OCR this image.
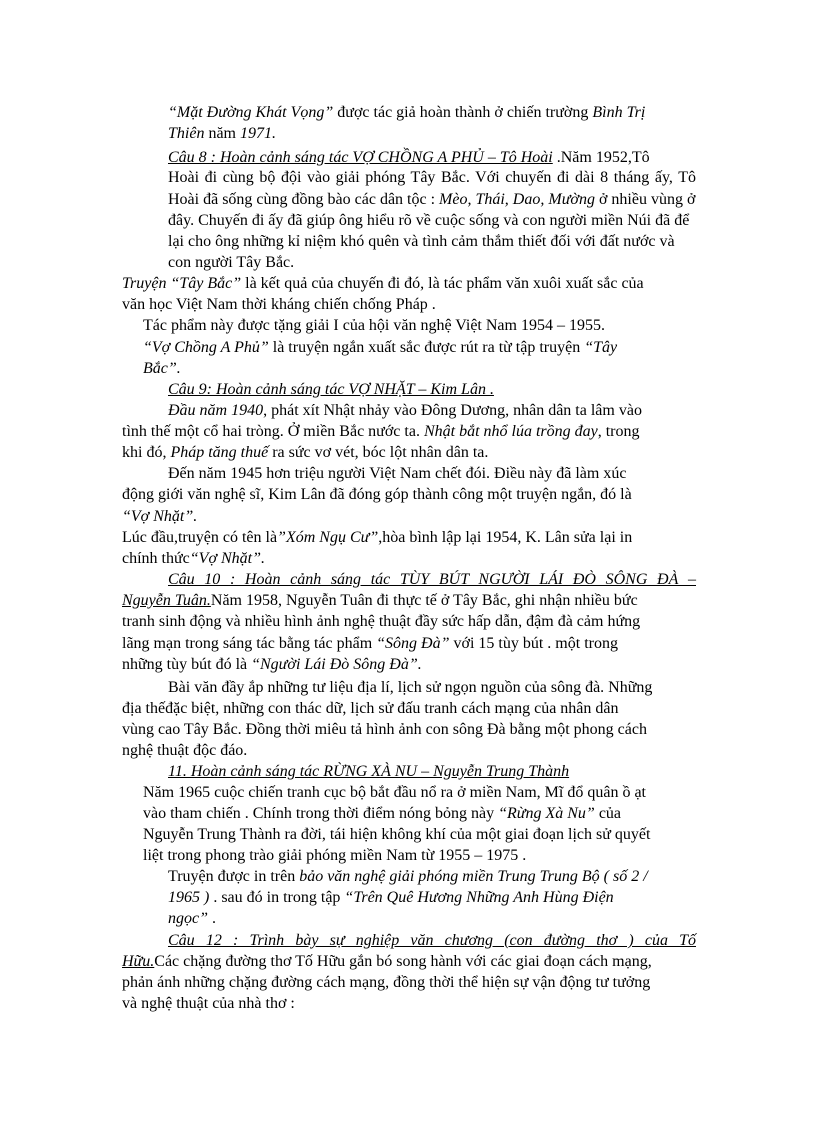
“Mặt Đường Khát Vọng” được tác giả hoàn thành ở chiến trường Bình Trị
Thiên năm 1971.
Câu 8 : Hoàn cảnh sáng tác VỢ CHỒNG A PHỦ – Tô Hoài .Năm 1952,Tô
Hoài đi cùng bộ đội vào giải phóng Tây Bắc. Với chuyến đi dài 8 tháng ấy, Tô
Hoài đã sống cùng đồng bào các dân tộc : Mèo, Thái, Dao, Mường ở nhiều vùng ở
đây. Chuyến đi ấy đã giúp ông hiểu rõ về cuộc sống và con người miền Núi đã để
lại cho ông những kỉ niệm khó quên và tình cảm thắm thiết đối với đất nước và
con người Tây Bắc.
Truyện “Tây Bắc” là kết quả của chuyến đi đó, là tác phẩm văn xuôi xuất sắc của
văn học Việt Nam thời kháng chiến chống Pháp .
Tác phẩm này được tặng giải I của hội văn nghệ Việt Nam 1954 – 1955.
“Vợ Chồng A Phủ” là truyện ngắn xuất sắc được rút ra từ tập truyện “Tây
Bắc”.
Câu 9: Hoàn cảnh sáng tác VỢ NHẶT – Kim Lân .
Đầu năm 1940, phát xít Nhật nhảy vào Đông Dương, nhân dân ta lâm vào
tình thế một cổ hai tròng. Ở miền Bắc nước ta. Nhật bắt nhổ lúa trồng đay, trong
khi đó, Pháp tăng thuế ra sức vơ vét, bóc lột nhân dân ta.
Đến năm 1945 hơn triệu người Việt Nam chết đói. Điều này đã làm xúc
động giới văn nghệ sĩ, Kim Lân đã đóng góp thành công một truyện ngắn, đó là
“Vợ Nhặt”.
Lúc đầu,truyện có tên là”Xóm Ngụ Cư”,hòa bình lập lại 1954, K. Lân sửa lại in
chính thức“Vợ Nhặt”.
Câu 10 : Hoàn cảnh sáng tác TÙY BÚT NGƯỜI LÁI ĐÒ SÔNG ĐÀ –
Nguyễn Tuân.Năm 1958, Nguyễn Tuân đi thực tế ở Tây Bắc, ghi nhận nhiều bức
tranh sinh động và nhiều hình ảnh nghệ thuật đầy sức hấp dẫn, đậm đà cảm hứng
lãng mạn trong sáng tác bằng tác phẩm “Sông Đà” với 15 tùy bút . một trong
những tùy bút đó là “Người Lái Đò Sông Đà”.
Bài văn đầy ắp những tư liệu địa lí, lịch sử ngọn nguồn của sông đà. Những
địa thếđặc biệt, những con thác dữ, lịch sử đấu tranh cách mạng của nhân dân
vùng cao Tây Bắc. Đồng thời miêu tả hình ảnh con sông Đà bằng một phong cách
nghệ thuật độc đáo.
11. Hoàn cảnh sáng tác RỪNG XÀ NU – Nguyễn Trung Thành
Năm 1965 cuộc chiến tranh cục bộ bắt đầu nổ ra ở miền Nam, Mĩ đổ quân ồ ạt
vào tham chiến . Chính trong thời điểm nóng bỏng này “Rừng Xà Nu” của
Nguyễn Trung Thành ra đời, tái hiện không khí của một giai đoạn lịch sử quyết
liệt trong phong trào giải phóng miền Nam từ 1955 – 1975 .
Truyện được in trên bảo văn nghệ giải phóng miền Trung Trung Bộ ( số 2 /
1965 ) . sau đó in trong tập “Trên Quê Hương Những Anh Hùng Điện
ngọc” .
Câu 12 : Trình bày sự nghiệp văn chương (con đường thơ ) của Tố
Hữu.Các chặng đường thơ Tố Hữu gắn bó song hành với các giai đoạn cách mạng,
phản ánh những chặng đường cách mạng, đồng thời thể hiện sự vận động tư tưởng
và nghệ thuật của nhà thơ :
